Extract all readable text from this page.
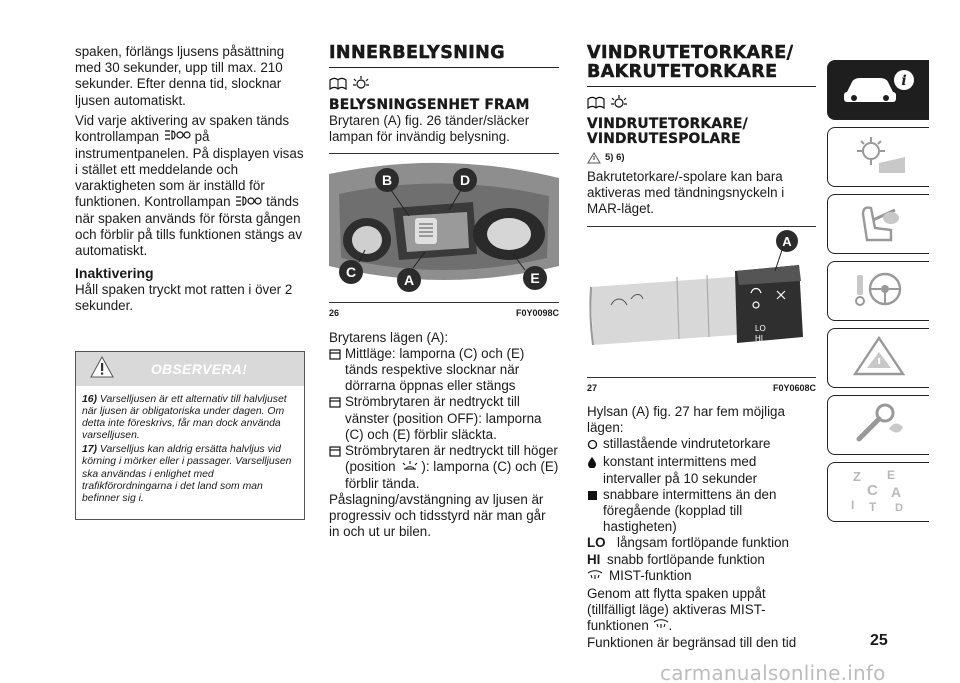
spaken, förlängs ljusens påsättning med 30 sekunder, upp till max. 210 sekunder. Efter denna tid, slocknar ljusen automatiskt.

Vid varje aktivering av spaken tänds kontrollampan	på instrumentpanelen. På displayen visas i stället ett meddelande och varaktigheten som är inställd för funktionen. Kontrollampan	tänds när spaken används för första gången och förblir på tills funktionen stängs av automatiskt.

Inaktivering

Håll spaken tryckt mot ratten i över 2 sekunder.

OBSERVERA!

16) Varselljusen är ett alternativ till halvljuset när ljusen är obligatoriska under dagen. Om detta inte föreskrivs, får man dock använda varselljusen.

17) Varselljus kan aldrig ersätta halvljus vid körning i mörker eller i passager. Varselljusen ska användas i enlighet med trafikförordningarna i det land som man befinner sig i.

INNERBELYSNING
BELYSNINGSENHET FRAM

Brytaren (A) fig. 26 tänder/släcker lampan för invändig belysning.

B	D
C	A	E
26	F0Y0098C

Brytarens lägen (A):

Mittläge: lamporna (C) och (E) tänds respektive slocknar när dörrarna öppnas eller stängs
Strömbrytaren är nedtryckt till vänster (position OFF): lamporna (C) och (E) förblir släckta.
Strömbrytaren är nedtryckt till höger (position ): lamporna (C) och (E) förblir tända.

Påslagning/avstängning av ljusen är progressiv och tidsstyrd när man går in och ut ur bilen.

VINDRUTETORKARE/
BAKRUTETORKARE
VINDRUTETORKARE/
VINDRUTESPOLARE
5) 6)

Bakrutetorkare/-spolare kan bara aktiveras med tändningsnyckeln i MAR-läget.

LO
HI
A
27	F0Y0608C

Hylsan (A) fig. 27 har fem möjliga lägen:

stillastående vindrutetorkare
konstant intermittens med intervaller på 10 sekunder
snabbare intermittens än den föregående (kopplad till hastigheten)
LO långsam fortlöpande funktion
HI snabb fortlöpande funktion
MIST-funktion

Genom att flytta spaken uppåt (tillfälligt läge) aktiveras MIST-funktionen .

Funktionen är begränsad till den tid

i
Z E
C A
I T D
25
carmanualsonline.info
